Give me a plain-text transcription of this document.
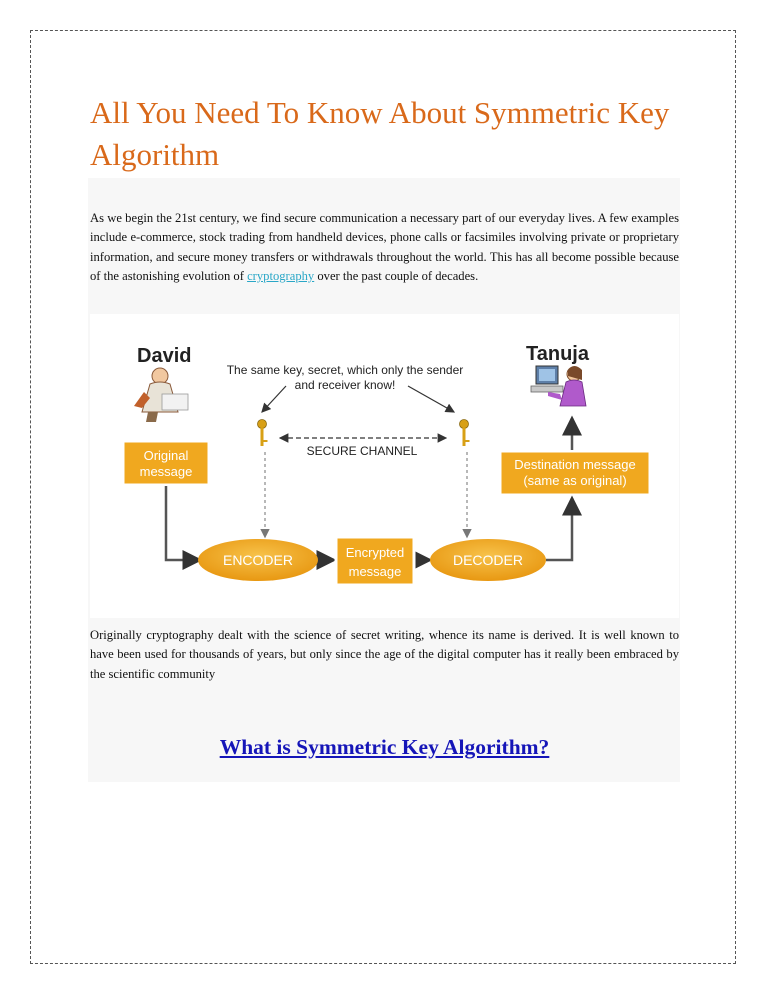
All You Need To Know About Symmetric Key Algorithm

As we begin the 21st century, we find secure communication a necessary part of our everyday lives. A few examples include e-commerce, stock trading from handheld devices, phone calls or facsimiles involving private or proprietary information, and secure money transfers or withdrawals throughout the world. This has all become possible because of the astonishing evolution of cryptography over the past couple of decades.

David	Tanuja
The same key, secret, which only the sender
and receiver know!
SECURE CHANNEL
Original
message	Destination message
(same as original)
ENCODER	Encrypted
message
DECODER

Originally cryptography dealt with the science of secret writing, whence its name is derived. It is well known to have been used for thousands of years, but only since the age of the digital computer has it really been embraced by the scientific community

What is Symmetric Key Algorithm?
